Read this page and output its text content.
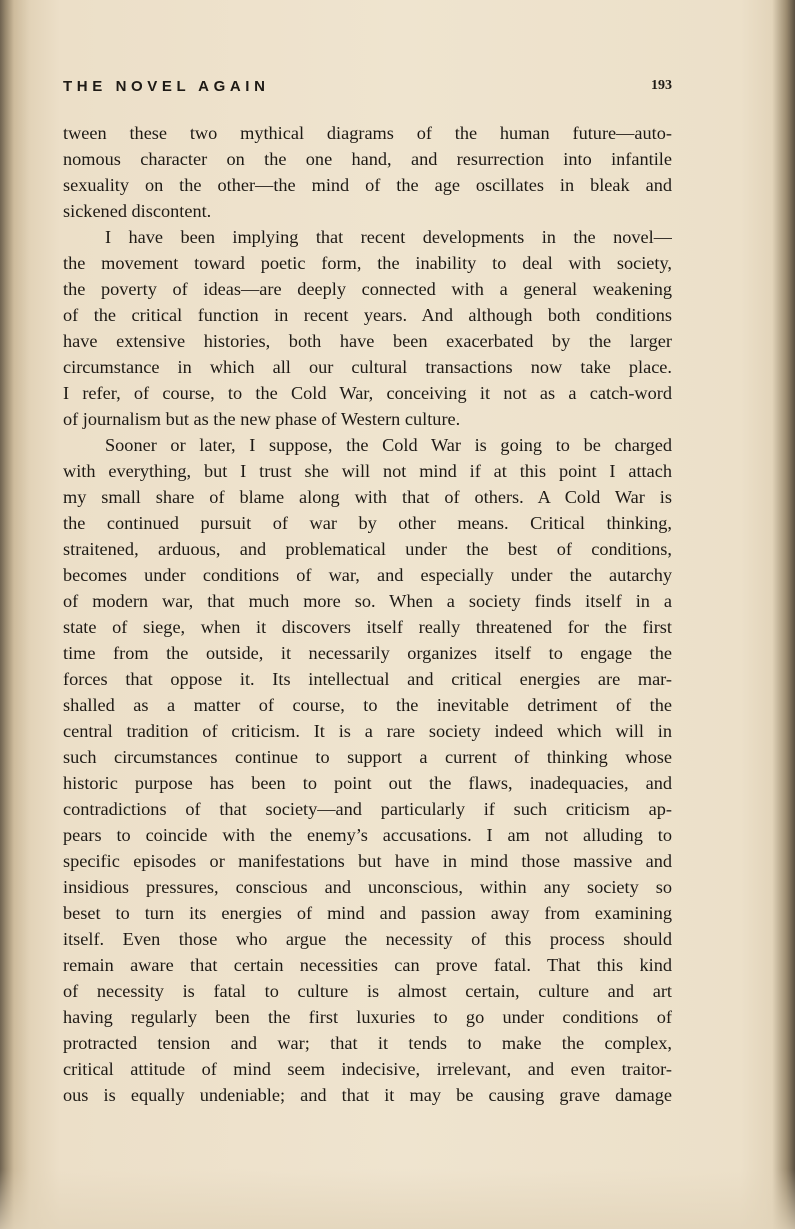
THE NOVEL AGAIN	193
tween these two mythical diagrams of the human future—auto-
nomous character on the one hand, and resurrection into infantile
sexuality on the other—the mind of the age oscillates in bleak and
sickened discontent.
I have been implying that recent developments in the novel—
the movement toward poetic form, the inability to deal with society,
the poverty of ideas—are deeply connected with a general weakening
of the critical function in recent years. And although both conditions
have extensive histories, both have been exacerbated by the larger
circumstance in which all our cultural transactions now take place.
I refer, of course, to the Cold War, conceiving it not as a catch-word
of journalism but as the new phase of Western culture.
Sooner or later, I suppose, the Cold War is going to be charged
with everything, but I trust she will not mind if at this point I attach
my small share of blame along with that of others. A Cold War is
the continued pursuit of war by other means. Critical thinking,
straitened, arduous, and problematical under the best of conditions,
becomes under conditions of war, and especially under the autarchy
of modern war, that much more so. When a society finds itself in a
state of siege, when it discovers itself really threatened for the first
time from the outside, it necessarily organizes itself to engage the
forces that oppose it. Its intellectual and critical energies are mar-
shalled as a matter of course, to the inevitable detriment of the
central tradition of criticism. It is a rare society indeed which will in
such circumstances continue to support a current of thinking whose
historic purpose has been to point out the flaws, inadequacies, and
contradictions of that society—and particularly if such criticism ap-
pears to coincide with the enemy’s accusations. I am not alluding to
specific episodes or manifestations but have in mind those massive and
insidious pressures, conscious and unconscious, within any society so
beset to turn its energies of mind and passion away from examining
itself. Even those who argue the necessity of this process should
remain aware that certain necessities can prove fatal. That this kind
of necessity is fatal to culture is almost certain, culture and art
having regularly been the first luxuries to go under conditions of
protracted tension and war; that it tends to make the complex,
critical attitude of mind seem indecisive, irrelevant, and even traitor-
ous is equally undeniable; and that it may be causing grave damage
